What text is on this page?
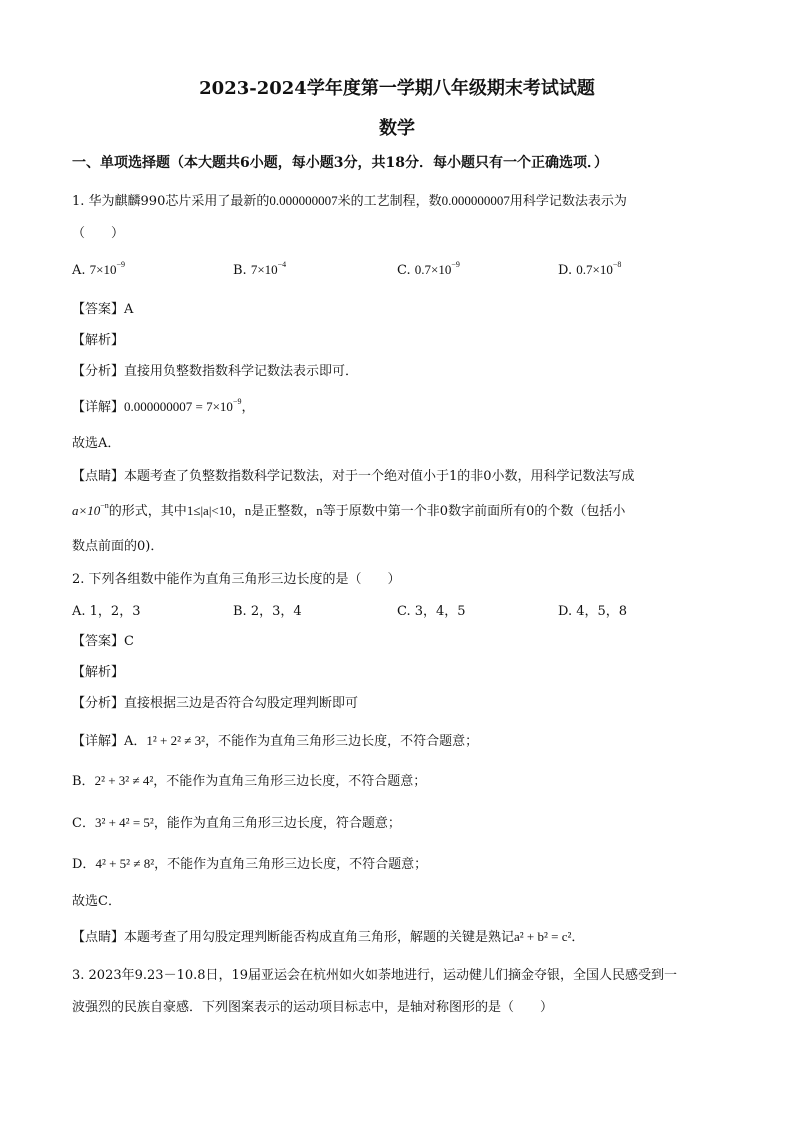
2023-2024学年度第一学期八年级期末考试试题
数学
一、单项选择题（本大题共6小题，每小题3分，共18分．每小题只有一个正确选项．）
1. 华为麒麟990芯片采用了最新的0.000000007米的工艺制程，数0.000000007用科学记数法表示为
（　　）
A. $7\times 10^{-9}$	B. $7\times 10^{-4}$	C. $0.7\times 10^{-9}$	D. $0.7\times 10^{-8}$
【答案】A
【解析】
【分析】直接用负整数指数科学记数法表示即可．
【详解】$0.000000007 = 7\times 10^{-9}$，
故选A．
【点睛】本题考查了负整数指数科学记数法，对于一个绝对值小于1的非0小数，用科学记数法写成
$a\times 10^{-n}$的形式，其中1≤|a|<10，n是正整数，n等于原数中第一个非0数字前面所有0的个数（包括小
数点前面的0)．
2. 下列各组数中能作为直角三角形三边长度的是（　　）
A. 1，2，3	B. 2，3，4	C. 3，4，5	D. 4，5，8
【答案】C
【解析】
【分析】直接根据三边是否符合勾股定理判断即可
【详解】A．1² + 2² ≠ 3²，不能作为直角三角形三边长度，不符合题意；
B．2² + 3² ≠ 4²，不能作为直角三角形三边长度，不符合题意；
C．3² + 4² = 5²，能作为直角三角形三边长度，符合题意；
D．4² + 5² ≠ 8²，不能作为直角三角形三边长度，不符合题意；
故选C．
【点睛】本题考查了用勾股定理判断能否构成直角三角形，解题的关键是熟记a² + b² = c²．
3. 2023年9.23－10.8日，19届亚运会在杭州如火如荼地进行，运动健儿们摘金夺银，全国人民感受到一
波强烈的民族自豪感．下列图案表示的运动项目标志中，是轴对称图形的是（　　）
